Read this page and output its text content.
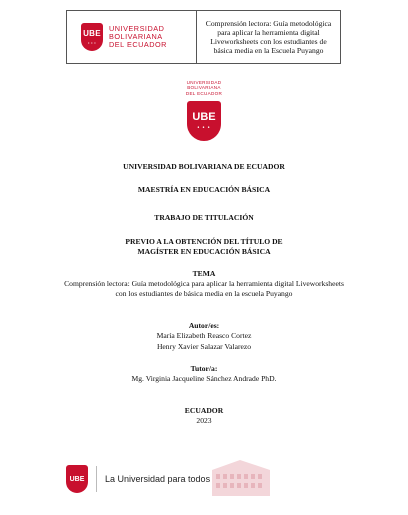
UBE
• • •
UNIVERSIDAD
BOLIVARIANA
DEL ECUADOR
Comprensión lectora: Guía metodológica para aplicar la herramienta digital Liveworksheets con los estudiantes de básica media en la Escuela Puyango
UNIVERSIDAD
BOLIVARIANA
DEL ECUADOR
UBE
• • •
UNIVERSIDAD BOLIVARIANA DE ECUADOR
MAESTRÍA EN EDUCACIÓN BÁSICA
TRABAJO DE TITULACIÓN
PREVIO A LA OBTENCIÓN DEL TÍTULO DE
MAGÍSTER EN EDUCACIÓN BÁSICA
TEMA
Comprensión lectora: Guía metodológica para aplicar la herramienta digital Liveworksheets
con los estudiantes de básica media en la escuela Puyango
Autor/es:
María Elizabeth Reasco Cortez
Henry Xavier Salazar Valarezo
Tutor/a:
Mg. Virginia Jacqueline Sánchez Andrade PhD.
ECUADOR
2023
UBE La Universidad para todos
